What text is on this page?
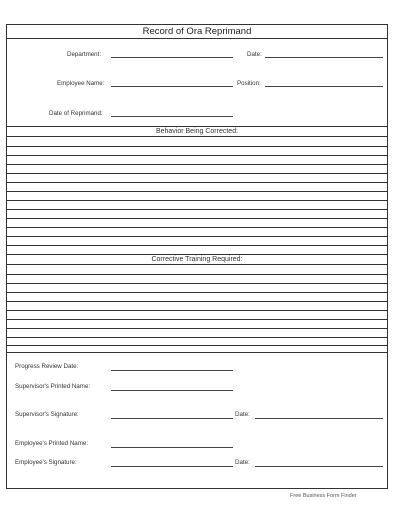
Record of Ora Reprimand
Department:	Date:
Employee Name:	Position:
Date of Reprimand:
Behavior Being Corrected:
Corrective Training Required:
Progress Review Date:
Supervisor's Printed Name:
Supervisor's Signature:	Date:
Employee's Printed Name:
Employee's Signature:	Date:
Free Business Form Finder
